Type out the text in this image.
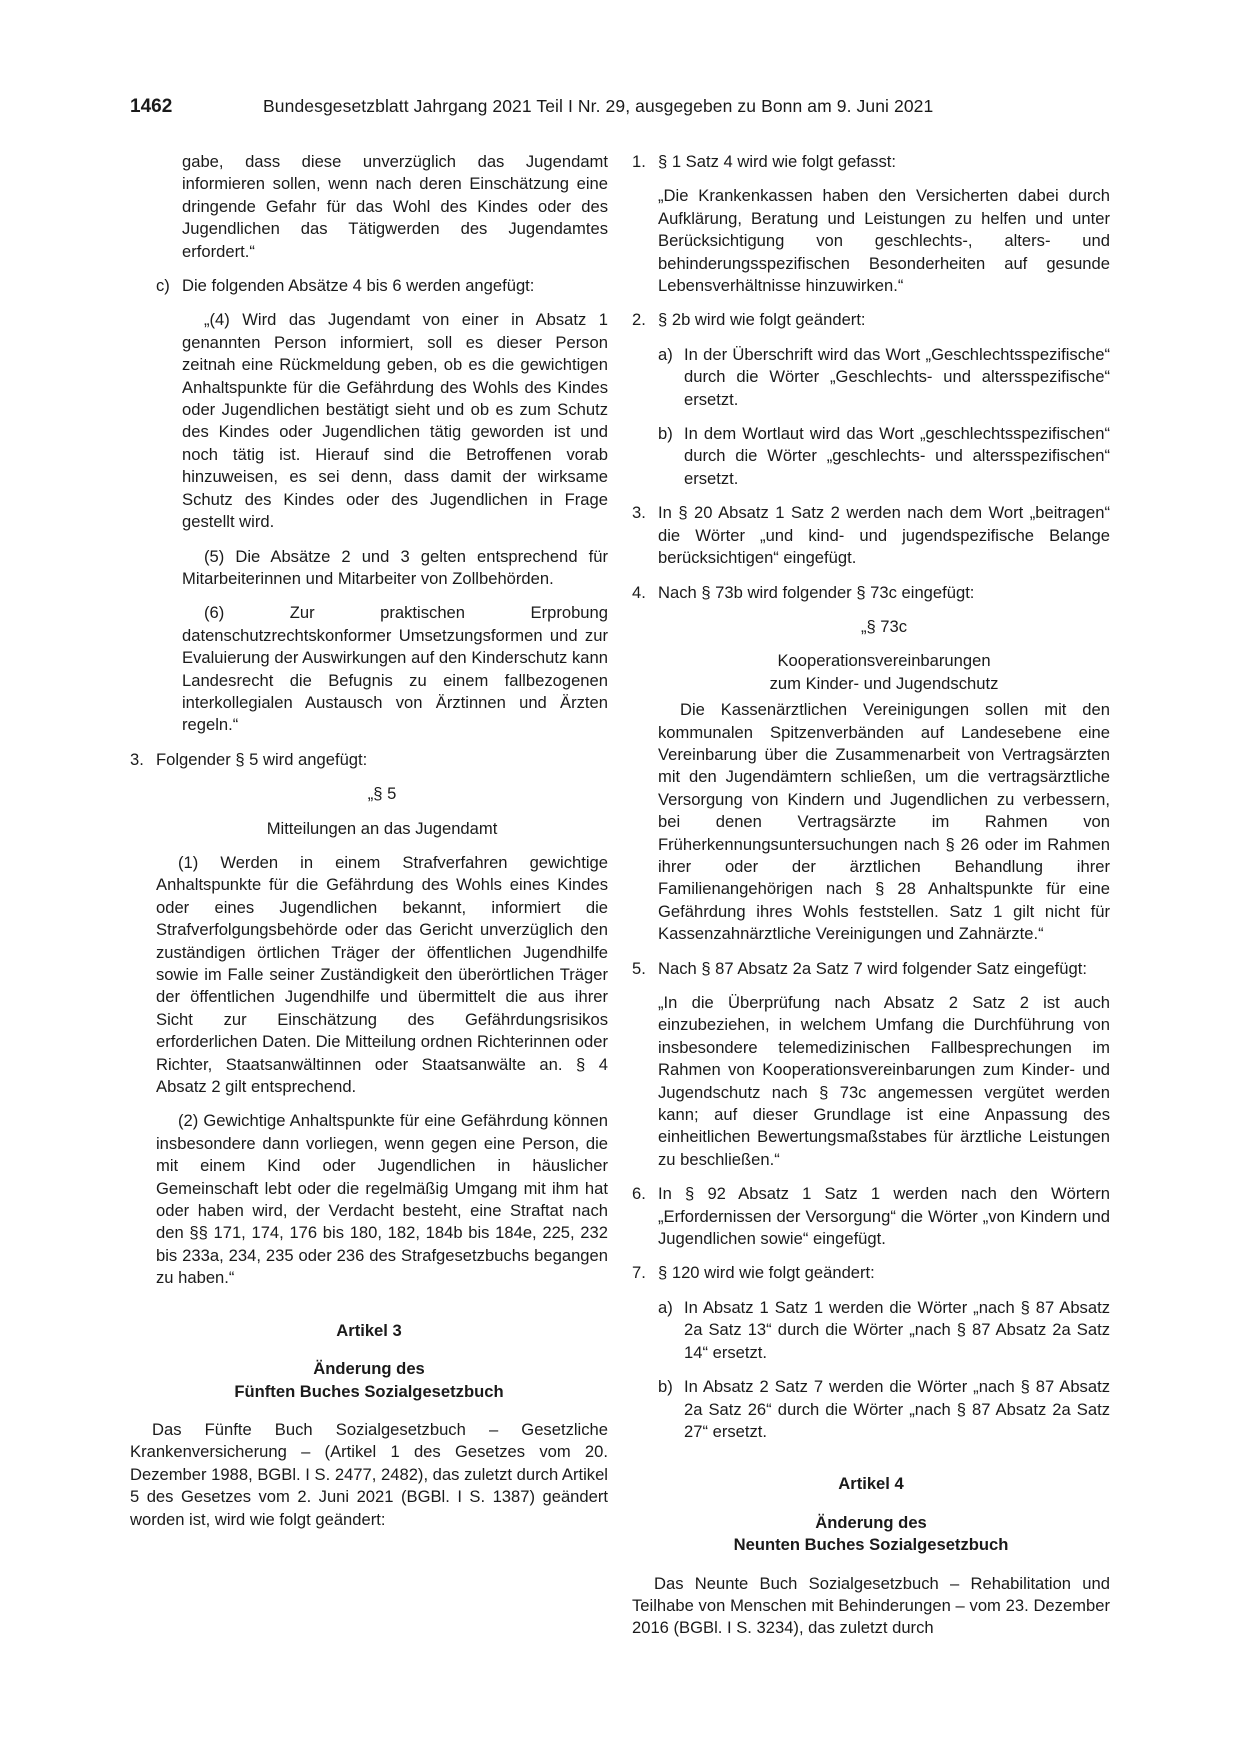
1462	Bundesgesetzblatt Jahrgang 2021 Teil I Nr. 29, ausgegeben zu Bonn am 9. Juni 2021

gabe, dass diese unverzüglich das Jugendamt informieren sollen, wenn nach deren Einschätzung eine dringende Gefahr für das Wohl des Kindes oder des Jugendlichen das Tätigwerden des Jugendamtes erfordert.“

c) Die folgenden Absätze 4 bis 6 werden angefügt:

„(4) Wird das Jugendamt von einer in Absatz 1 genannten Person informiert, soll es dieser Person zeitnah eine Rückmeldung geben, ob es die gewichtigen Anhaltspunkte für die Gefährdung des Wohls des Kindes oder Jugendlichen bestätigt sieht und ob es zum Schutz des Kindes oder Jugendlichen tätig geworden ist und noch tätig ist. Hierauf sind die Betroffenen vorab hinzuweisen, es sei denn, dass damit der wirksame Schutz des Kindes oder des Jugendlichen in Frage gestellt wird.

(5) Die Absätze 2 und 3 gelten entsprechend für Mitarbeiterinnen und Mitarbeiter von Zollbehörden.

(6) Zur praktischen Erprobung datenschutzrechtskonformer Umsetzungsformen und zur Evaluierung der Auswirkungen auf den Kinderschutz kann Landesrecht die Befugnis zu einem fallbezogenen interkollegialen Austausch von Ärztinnen und Ärzten regeln.“

3. Folgender § 5 wird angefügt:

„§ 5

Mitteilungen an das Jugendamt

(1) Werden in einem Strafverfahren gewichtige Anhaltspunkte für die Gefährdung des Wohls eines Kindes oder eines Jugendlichen bekannt, informiert die Strafverfolgungsbehörde oder das Gericht unverzüglich den zuständigen örtlichen Träger der öffentlichen Jugendhilfe sowie im Falle seiner Zuständigkeit den überörtlichen Träger der öffentlichen Jugendhilfe und übermittelt die aus ihrer Sicht zur Einschätzung des Gefährdungsrisikos erforderlichen Daten. Die Mitteilung ordnen Richterinnen oder Richter, Staatsanwältinnen oder Staatsanwälte an. § 4 Absatz 2 gilt entsprechend.

(2) Gewichtige Anhaltspunkte für eine Gefährdung können insbesondere dann vorliegen, wenn gegen eine Person, die mit einem Kind oder Jugendlichen in häuslicher Gemeinschaft lebt oder die regelmäßig Umgang mit ihm hat oder haben wird, der Verdacht besteht, eine Straftat nach den §§ 171, 174, 176 bis 180, 182, 184b bis 184e, 225, 232 bis 233a, 234, 235 oder 236 des Strafgesetzbuchs begangen zu haben.“

Artikel 3

Änderung des

Fünften Buches Sozialgesetzbuch

Das Fünfte Buch Sozialgesetzbuch – Gesetzliche Krankenversicherung – (Artikel 1 des Gesetzes vom 20. Dezember 1988, BGBl. I S. 2477, 2482), das zuletzt durch Artikel 5 des Gesetzes vom 2. Juni 2021 (BGBl. I S. 1387) geändert worden ist, wird wie folgt geändert:

1. § 1 Satz 4 wird wie folgt gefasst:

„Die Krankenkassen haben den Versicherten dabei durch Aufklärung, Beratung und Leistungen zu helfen und unter Berücksichtigung von geschlechts-, alters- und behinderungsspezifischen Besonderheiten auf gesunde Lebensverhältnisse hinzuwirken.“

2. § 2b wird wie folgt geändert:

a) In der Überschrift wird das Wort „Geschlechtsspezifische“ durch die Wörter „Geschlechts- und altersspezifische“ ersetzt.

b) In dem Wortlaut wird das Wort „geschlechtsspezifischen“ durch die Wörter „geschlechts- und altersspezifischen“ ersetzt.

3. In § 20 Absatz 1 Satz 2 werden nach dem Wort „beitragen“ die Wörter „und kind- und jugendspezifische Belange berücksichtigen“ eingefügt.

4. Nach § 73b wird folgender § 73c eingefügt:

„§ 73c

Kooperationsvereinbarungen

zum Kinder- und Jugendschutz

Die Kassenärztlichen Vereinigungen sollen mit den kommunalen Spitzenverbänden auf Landesebene eine Vereinbarung über die Zusammenarbeit von Vertragsärzten mit den Jugendämtern schließen, um die vertragsärztliche Versorgung von Kindern und Jugendlichen zu verbessern, bei denen Vertragsärzte im Rahmen von Früherkennungsuntersuchungen nach § 26 oder im Rahmen ihrer oder der ärztlichen Behandlung ihrer Familienangehörigen nach § 28 Anhaltspunkte für eine Gefährdung ihres Wohls feststellen. Satz 1 gilt nicht für Kassenzahnärztliche Vereinigungen und Zahnärzte.“

5. Nach § 87 Absatz 2a Satz 7 wird folgender Satz eingefügt:

„In die Überprüfung nach Absatz 2 Satz 2 ist auch einzubeziehen, in welchem Umfang die Durchführung von insbesondere telemedizinischen Fallbesprechungen im Rahmen von Kooperationsvereinbarungen zum Kinder- und Jugendschutz nach § 73c angemessen vergütet werden kann; auf dieser Grundlage ist eine Anpassung des einheitlichen Bewertungsmaßstabes für ärztliche Leistungen zu beschließen.“

6. In § 92 Absatz 1 Satz 1 werden nach den Wörtern „Erfordernissen der Versorgung“ die Wörter „von Kindern und Jugendlichen sowie“ eingefügt.

7. § 120 wird wie folgt geändert:

a) In Absatz 1 Satz 1 werden die Wörter „nach § 87 Absatz 2a Satz 13“ durch die Wörter „nach § 87 Absatz 2a Satz 14“ ersetzt.

b) In Absatz 2 Satz 7 werden die Wörter „nach § 87 Absatz 2a Satz 26“ durch die Wörter „nach § 87 Absatz 2a Satz 27“ ersetzt.

Artikel 4

Änderung des

Neunten Buches Sozialgesetzbuch

Das Neunte Buch Sozialgesetzbuch – Rehabilitation und Teilhabe von Menschen mit Behinderungen – vom 23. Dezember 2016 (BGBl. I S. 3234), das zuletzt durch
